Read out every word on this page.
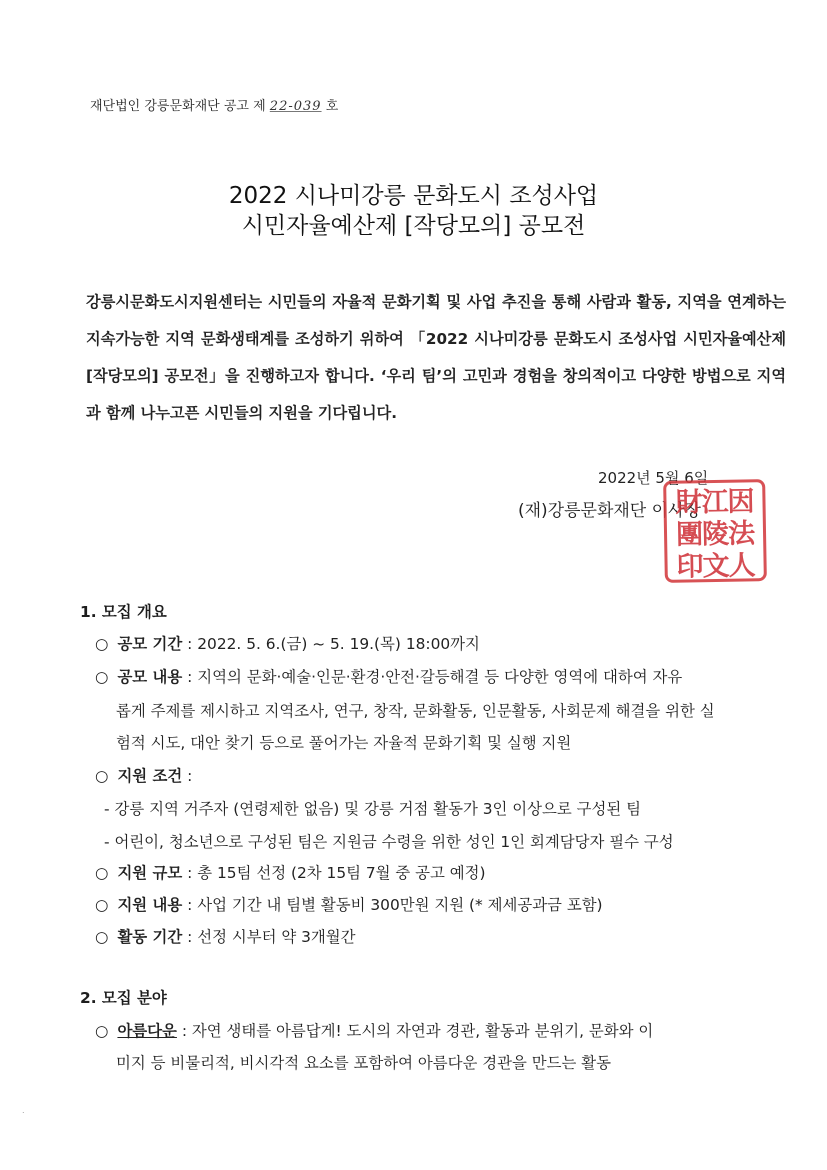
재단법인 강릉문화재단 공고 제 22-039 호
2022 시나미강릉 문화도시 조성사업
시민자율예산제 [작당모의] 공모전
강릉시문화도시지원센터는 시민들의 자율적 문화기획 및 사업 추진을 통해 사람과 활동, 지역을 연계하는 지속가능한 지역 문화생태계를 조성하기 위하여 「2022 시나미강릉 문화도시 조성사업 시민자율예산제 [작당모의] 공모전」을 진행하고자 합니다. ‘우리 팀’의 고민과 경험을 창의적이고 다양한 방법으로 지역과 함께 나누고픈 시민들의 지원을 기다립니다.
2022년 5월 6일
(재)강릉문화재단 이사장
財江因
團陵法
印文人
1. 모집 개요
○ 공모 기간 : 2022. 5. 6.(금) ~ 5. 19.(목) 18:00까지
○ 공모 내용 : 지역의 문화·예술·인문·환경·안전·갈등해결 등 다양한 영역에 대하여 자유
롭게 주제를 제시하고 지역조사, 연구, 창작, 문화활동, 인문활동, 사회문제 해결을 위한 실
험적 시도, 대안 찾기 등으로 풀어가는 자율적 문화기획 및 실행 지원
○ 지원 조건 :
- 강릉 지역 거주자 (연령제한 없음) 및 강릉 거점 활동가 3인 이상으로 구성된 팀
- 어린이, 청소년으로 구성된 팀은 지원금 수령을 위한 성인 1인 회계담당자 필수 구성
○ 지원 규모 : 총 15팀 선정 (2차 15팀 7월 중 공고 예정)
○ 지원 내용 : 사업 기간 내 팀별 활동비 300만원 지원 (* 제세공과금 포함)
○ 활동 기간 : 선정 시부터 약 3개월간
2. 모집 분야
○ 아름다운 : 자연 생태를 아름답게! 도시의 자연과 경관, 활동과 분위기, 문화와 이
미지 등 비물리적, 비시각적 요소를 포함하여 아름다운 경관을 만드는 활동
.
